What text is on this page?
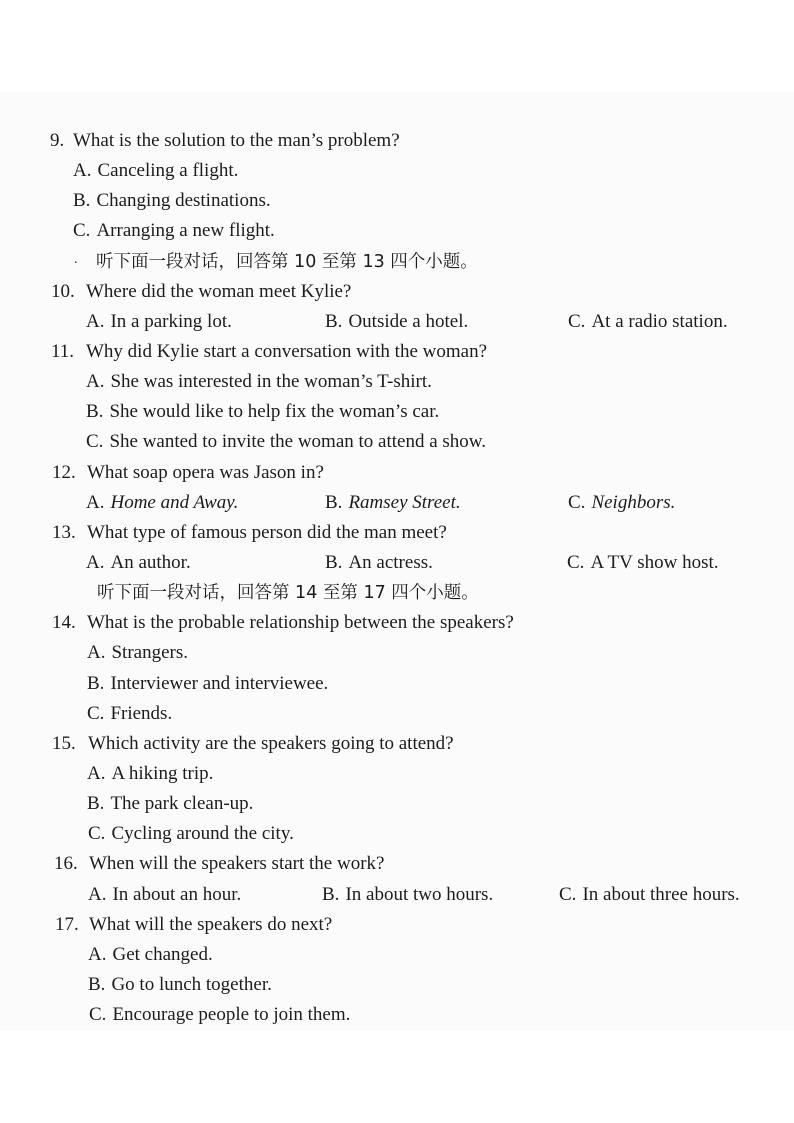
9. What is the solution to the man’s problem?
A. Canceling a flight.
B. Changing destinations.
C. Arranging a new flight.
. 听下面一段对话，回答第 10 至第 13 四个小题。
10. Where did the woman meet Kylie?
A. In a parking lot.	B. Outside a hotel.	C. At a radio station.
11. Why did Kylie start a conversation with the woman?
A. She was interested in the woman’s T-shirt.
B. She would like to help fix the woman’s car.
C. She wanted to invite the woman to attend a show.
12. What soap opera was Jason in?
A. Home and Away.	B. Ramsey Street.	C. Neighbors.
13. What type of famous person did the man meet?
A. An author.	B. An actress.	C. A TV show host.
听下面一段对话，回答第 14 至第 17 四个小题。
14. What is the probable relationship between the speakers?
A. Strangers.
B. Interviewer and interviewee.
C. Friends.
15. Which activity are the speakers going to attend?
A. A hiking trip.
B. The park clean-up.
C. Cycling around the city.
16. When will the speakers start the work?
A. In about an hour.	B. In about two hours.	C. In about three hours.
17. What will the speakers do next?
A. Get changed.
B. Go to lunch together.
C. Encourage people to join them.
